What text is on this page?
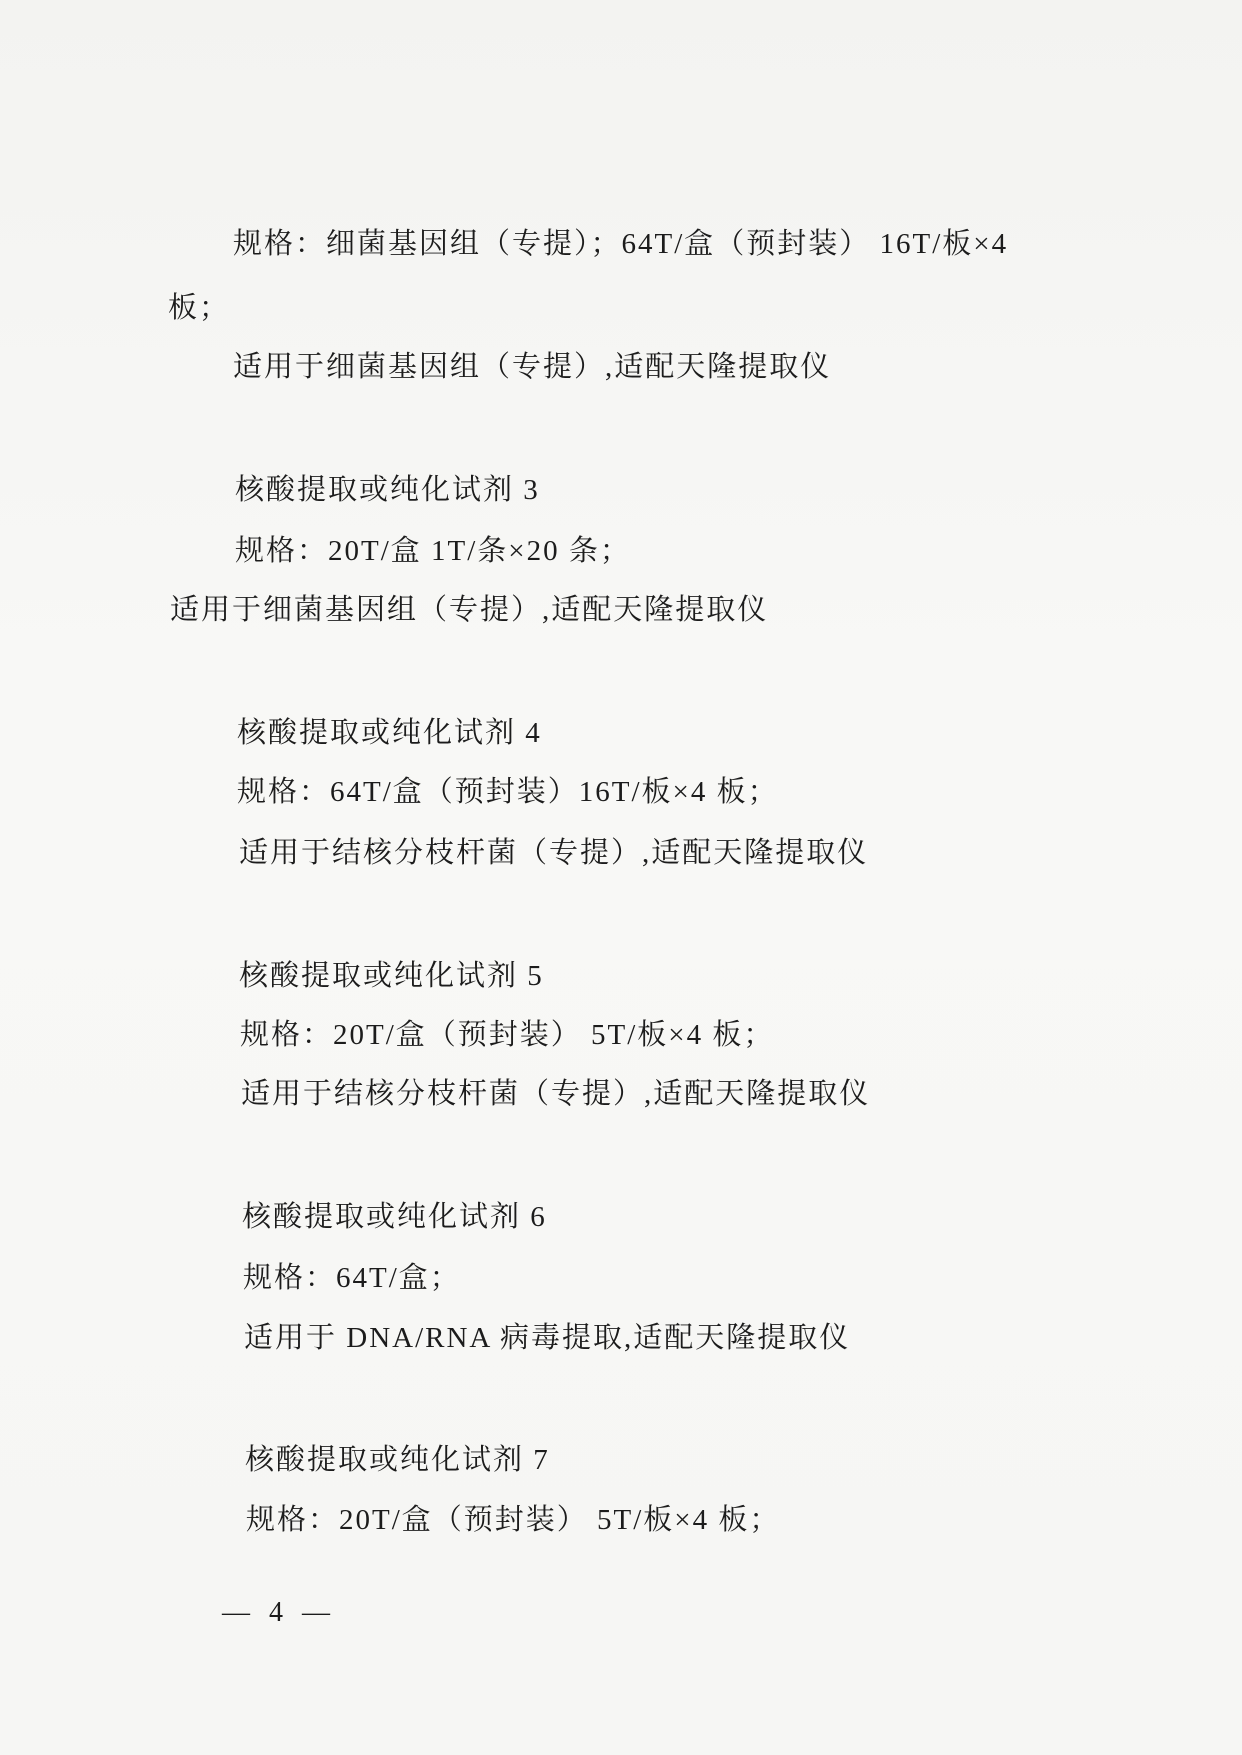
规格：细菌基因组（专提）；64T/盒（预封装） 16T/板×4
板；
适用于细菌基因组（专提）,适配天隆提取仪
核酸提取或纯化试剂 3
规格：20T/盒 1T/条×20 条；
适用于细菌基因组（专提）,适配天隆提取仪
核酸提取或纯化试剂 4
规格：64T/盒（预封装）16T/板×4 板；
适用于结核分枝杆菌（专提）,适配天隆提取仪
核酸提取或纯化试剂 5
规格：20T/盒（预封装） 5T/板×4 板；
适用于结核分枝杆菌（专提）,适配天隆提取仪
核酸提取或纯化试剂 6
规格：64T/盒；
适用于 DNA/RNA 病毒提取,适配天隆提取仪
核酸提取或纯化试剂 7
规格：20T/盒（预封装） 5T/板×4 板；
— 4 —
